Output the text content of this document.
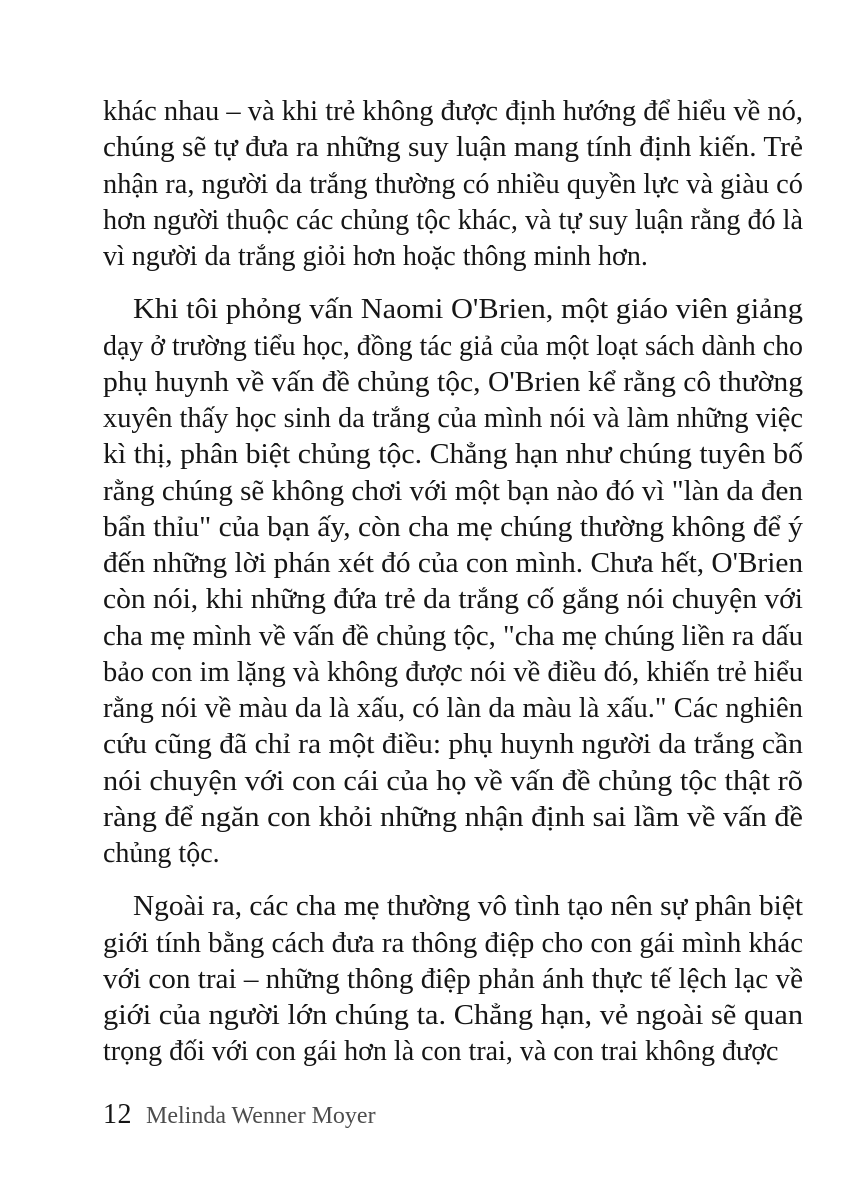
khác nhau – và khi trẻ không được định hướng để hiểu về nó,
chúng sẽ tự đưa ra những suy luận mang tính định kiến. Trẻ
nhận ra, người da trắng thường có nhiều quyền lực và giàu có
hơn người thuộc các chủng tộc khác, và tự suy luận rằng đó là
vì người da trắng giỏi hơn hoặc thông minh hơn.
Khi tôi phỏng vấn Naomi O'Brien, một giáo viên giảng
dạy ở trường tiểu học, đồng tác giả của một loạt sách dành cho
phụ huynh về vấn đề chủng tộc, O'Brien kể rằng cô thường
xuyên thấy học sinh da trắng của mình nói và làm những việc
kì thị, phân biệt chủng tộc. Chẳng hạn như chúng tuyên bố
rằng chúng sẽ không chơi với một bạn nào đó vì "làn da đen
bẩn thỉu" của bạn ấy, còn cha mẹ chúng thường không để ý
đến những lời phán xét đó của con mình. Chưa hết, O'Brien
còn nói, khi những đứa trẻ da trắng cố gắng nói chuyện với
cha mẹ mình về vấn đề chủng tộc, "cha mẹ chúng liền ra dấu
bảo con im lặng và không được nói về điều đó, khiến trẻ hiểu
rằng nói về màu da là xấu, có làn da màu là xấu." Các nghiên
cứu cũng đã chỉ ra một điều: phụ huynh người da trắng cần
nói chuyện với con cái của họ về vấn đề chủng tộc thật rõ
ràng để ngăn con khỏi những nhận định sai lầm về vấn đề
chủng tộc.
Ngoài ra, các cha mẹ thường vô tình tạo nên sự phân biệt
giới tính bằng cách đưa ra thông điệp cho con gái mình khác
với con trai – những thông điệp phản ánh thực tế lệch lạc về
giới của người lớn chúng ta. Chẳng hạn, vẻ ngoài sẽ quan
trọng đối với con gái hơn là con trai, và con trai không được
12 Melinda Wenner Moyer
